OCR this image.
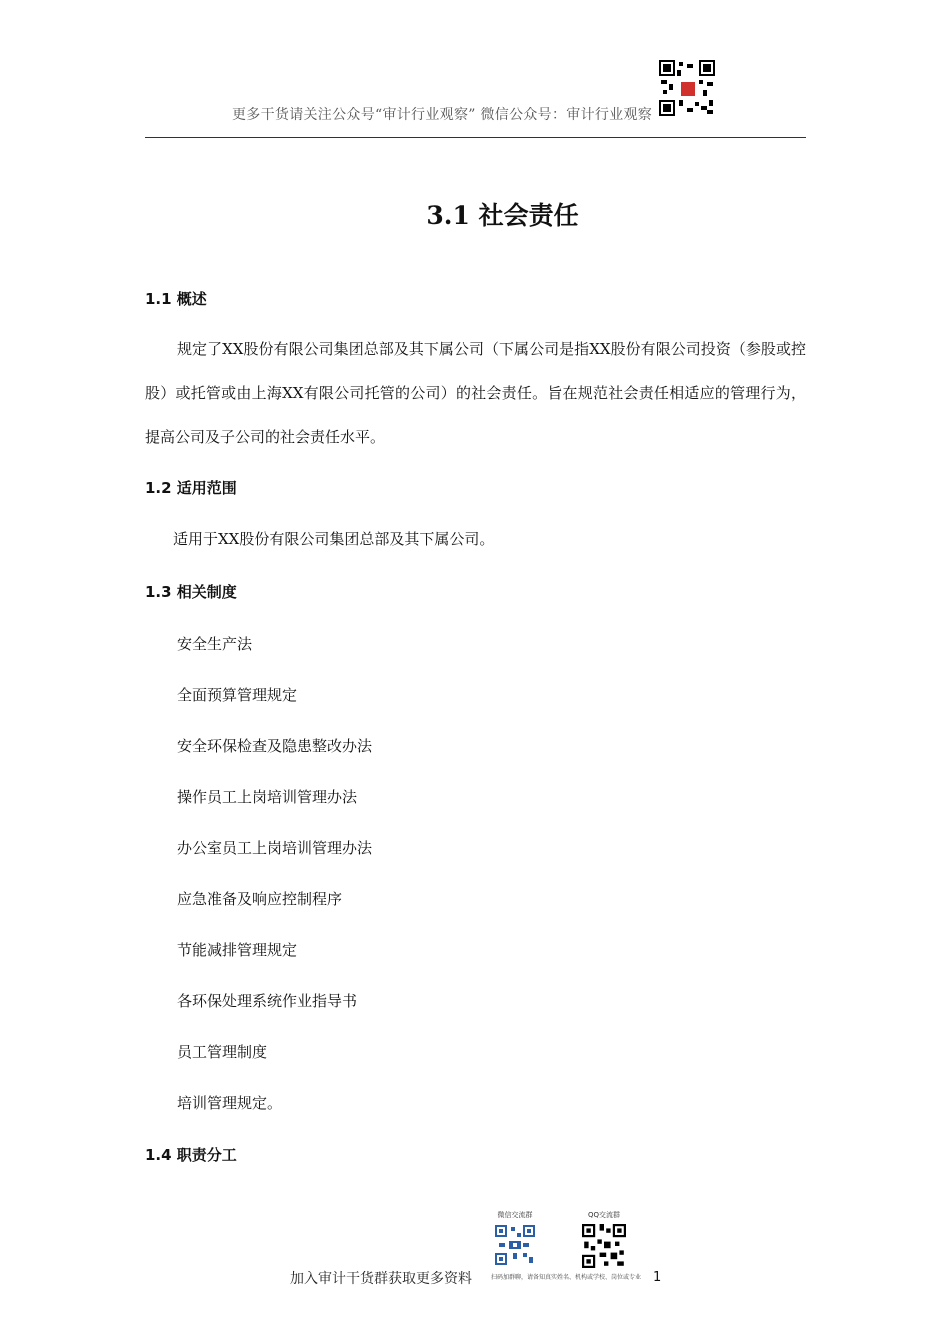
更多干货请关注公众号“审计行业观察” 微信公众号：审计行业观察
3.1 社会责任
1.1 概述
规定了XX股份有限公司集团总部及其下属公司（下属公司是指XX股份有限公司投资（参股或控股）或托管或由上海XX有限公司托管的公司）的社会责任。旨在规范社会责任相适应的管理行为，提高公司及子公司的社会责任水平。
1.2 适用范围
适用于XX股份有限公司集团总部及其下属公司。
1.3 相关制度
安全生产法
全面预算管理规定
安全环保检查及隐患整改办法
操作员工上岗培训管理办法
办公室员工上岗培训管理办法
应急准备及响应控制程序
节能减排管理规定
各环保处理系统作业指导书
员工管理制度
培训管理规定。
1.4 职责分工
加入审计干货群获取更多资料
微信交流群	QQ交流群
扫码加群聊，请备知真实姓名、机构或学校、岗位或专业 1
